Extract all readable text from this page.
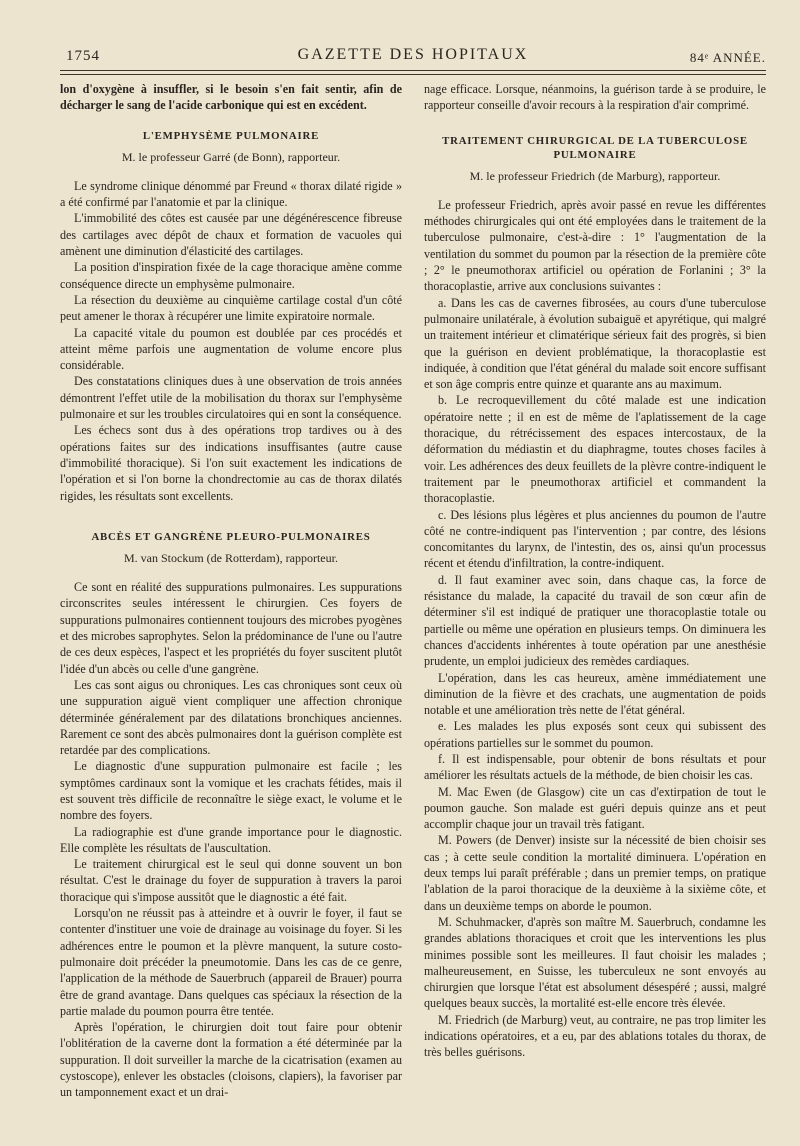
1754	GAZETTE DES HOPITAUX	84ᵉ ANNÉE.

lon d'oxygène à insuffler, si le besoin s'en fait sentir, afin de décharger le sang de l'acide carbonique qui est en excédent.

L'EMPHYSÈME PULMONAIRE
M. le professeur Garré (de Bonn), rapporteur.

Le syndrome clinique dénommé par Freund « thorax dilaté rigide » a été confirmé par l'anatomie et par la clinique.

L'immobilité des côtes est causée par une dégénérescence fibreuse des cartilages avec dépôt de chaux et formation de vacuoles qui amènent une diminution d'élasticité des cartilages.

La position d'inspiration fixée de la cage thoracique amène comme conséquence directe un emphysème pulmonaire.

La résection du deuxième au cinquième cartilage costal d'un côté peut amener le thorax à récupérer une limite expiratoire normale.

La capacité vitale du poumon est doublée par ces procédés et atteint même parfois une augmentation de volume encore plus considérable.

Des constatations cliniques dues à une observation de trois années démontrent l'effet utile de la mobilisation du thorax sur l'emphysème pulmonaire et sur les troubles circulatoires qui en sont la conséquence.

Les échecs sont dus à des opérations trop tardives ou à des opérations faites sur des indications insuffisantes (autre cause d'immobilité thoracique). Si l'on suit exactement les indications de l'opération et si l'on borne la chondrectomie au cas de thorax dilatés rigides, les résultats sont excellents.

ABCÈS ET GANGRÈNE PLEURO-PULMONAIRES
M. van Stockum (de Rotterdam), rapporteur.

Ce sont en réalité des suppurations pulmonaires. Les suppurations circonscrites seules intéressent le chirurgien. Ces foyers de suppurations pulmonaires contiennent toujours des microbes pyogènes et des microbes saprophytes. Selon la prédominance de l'une ou l'autre de ces deux espèces, l'aspect et les propriétés du foyer suscitent plutôt l'idée d'un abcès ou celle d'une gangrène.

Les cas sont aigus ou chroniques. Les cas chroniques sont ceux où une suppuration aiguë vient compliquer une affection chronique déterminée généralement par des dilatations bronchiques anciennes. Rarement ce sont des abcès pulmonaires dont la guérison complète est retardée par des complications.

Le diagnostic d'une suppuration pulmonaire est facile ; les symptômes cardinaux sont la vomique et les crachats fétides, mais il est souvent très difficile de reconnaître le siège exact, le volume et le nombre des foyers.

La radiographie est d'une grande importance pour le diagnostic. Elle complète les résultats de l'auscultation.

Le traitement chirurgical est le seul qui donne souvent un bon résultat. C'est le drainage du foyer de suppuration à travers la paroi thoracique qui s'impose aussitôt que le diagnostic a été fait.

Lorsqu'on ne réussit pas à atteindre et à ouvrir le foyer, il faut se contenter d'instituer une voie de drainage au voisinage du foyer. Si les adhérences entre le poumon et la plèvre manquent, la suture costo-pulmonaire doit précéder la pneumotomie. Dans les cas de ce genre, l'application de la méthode de Sauerbruch (appareil de Brauer) pourra être de grand avantage. Dans quelques cas spéciaux la résection de la partie malade du poumon pourra être tentée.

Après l'opération, le chirurgien doit tout faire pour obtenir l'oblitération de la caverne dont la formation a été déterminée par la suppuration. Il doit surveiller la marche de la cicatrisation (examen au cystoscope), enlever les obstacles (cloisons, clapiers), la favoriser par un tamponnement exact et un drai-

nage efficace. Lorsque, néanmoins, la guérison tarde à se produire, le rapporteur conseille d'avoir recours à la respiration d'air comprimé.

TRAITEMENT CHIRURGICAL DE LA TUBERCULOSE PULMONAIRE
M. le professeur Friedrich (de Marburg), rapporteur.

Le professeur Friedrich, après avoir passé en revue les différentes méthodes chirurgicales qui ont été employées dans le traitement de la tuberculose pulmonaire, c'est-à-dire : 1° l'augmentation de la ventilation du sommet du poumon par la résection de la première côte ; 2° le pneumothorax artificiel ou opération de Forlanini ; 3° la thoracoplastie, arrive aux conclusions suivantes :

a. Dans les cas de cavernes fibrosées, au cours d'une tuberculose pulmonaire unilatérale, à évolution subaiguë et apyrétique, qui malgré un traitement intérieur et climatérique sérieux fait des progrès, si bien que la guérison en devient problématique, la thoracoplastie est indiquée, à condition que l'état général du malade soit encore suffisant et son âge compris entre quinze et quarante ans au maximum.

b. Le recroquevillement du côté malade est une indication opératoire nette ; il en est de même de l'aplatissement de la cage thoracique, du rétrécissement des espaces intercostaux, de la déformation du médiastin et du diaphragme, toutes choses faciles à voir. Les adhérences des deux feuillets de la plèvre contre-indiquent le traitement par le pneumothorax artificiel et commandent la thoracoplastie.

c. Des lésions plus légères et plus anciennes du poumon de l'autre côté ne contre-indiquent pas l'intervention ; par contre, des lésions concomitantes du larynx, de l'intestin, des os, ainsi qu'un processus récent et étendu d'infiltration, la contre-indiquent.

d. Il faut examiner avec soin, dans chaque cas, la force de résistance du malade, la capacité du travail de son cœur afin de déterminer s'il est indiqué de pratiquer une thoracoplastie totale ou partielle ou même une opération en plusieurs temps. On diminuera les chances d'accidents inhérentes à toute opération par une anesthésie prudente, un emploi judicieux des remèdes cardiaques.

L'opération, dans les cas heureux, amène immédiatement une diminution de la fièvre et des crachats, une augmentation de poids notable et une amélioration très nette de l'état général.

e. Les malades les plus exposés sont ceux qui subissent des opérations partielles sur le sommet du poumon.

f. Il est indispensable, pour obtenir de bons résultats et pour améliorer les résultats actuels de la méthode, de bien choisir les cas.

M. Mac Ewen (de Glasgow) cite un cas d'extirpation de tout le poumon gauche. Son malade est guéri depuis quinze ans et peut accomplir chaque jour un travail très fatigant.

M. Powers (de Denver) insiste sur la nécessité de bien choisir ses cas ; à cette seule condition la mortalité diminuera. L'opération en deux temps lui paraît préférable ; dans un premier temps, on pratique l'ablation de la paroi thoracique de la deuxième à la sixième côte, et dans un deuxième temps on aborde le poumon.

M. Schuhmacker, d'après son maître M. Sauerbruch, condamne les grandes ablations thoraciques et croit que les interventions les plus minimes possible sont les meilleures. Il faut choisir les malades ; malheureusement, en Suisse, les tuberculeux ne sont envoyés au chirurgien que lorsque l'état est absolument désespéré ; aussi, malgré quelques beaux succès, la mortalité est-elle encore très élevée.

M. Friedrich (de Marburg) veut, au contraire, ne pas trop limiter les indications opératoires, et a eu, par des ablations totales du thorax, de très belles guérisons.
